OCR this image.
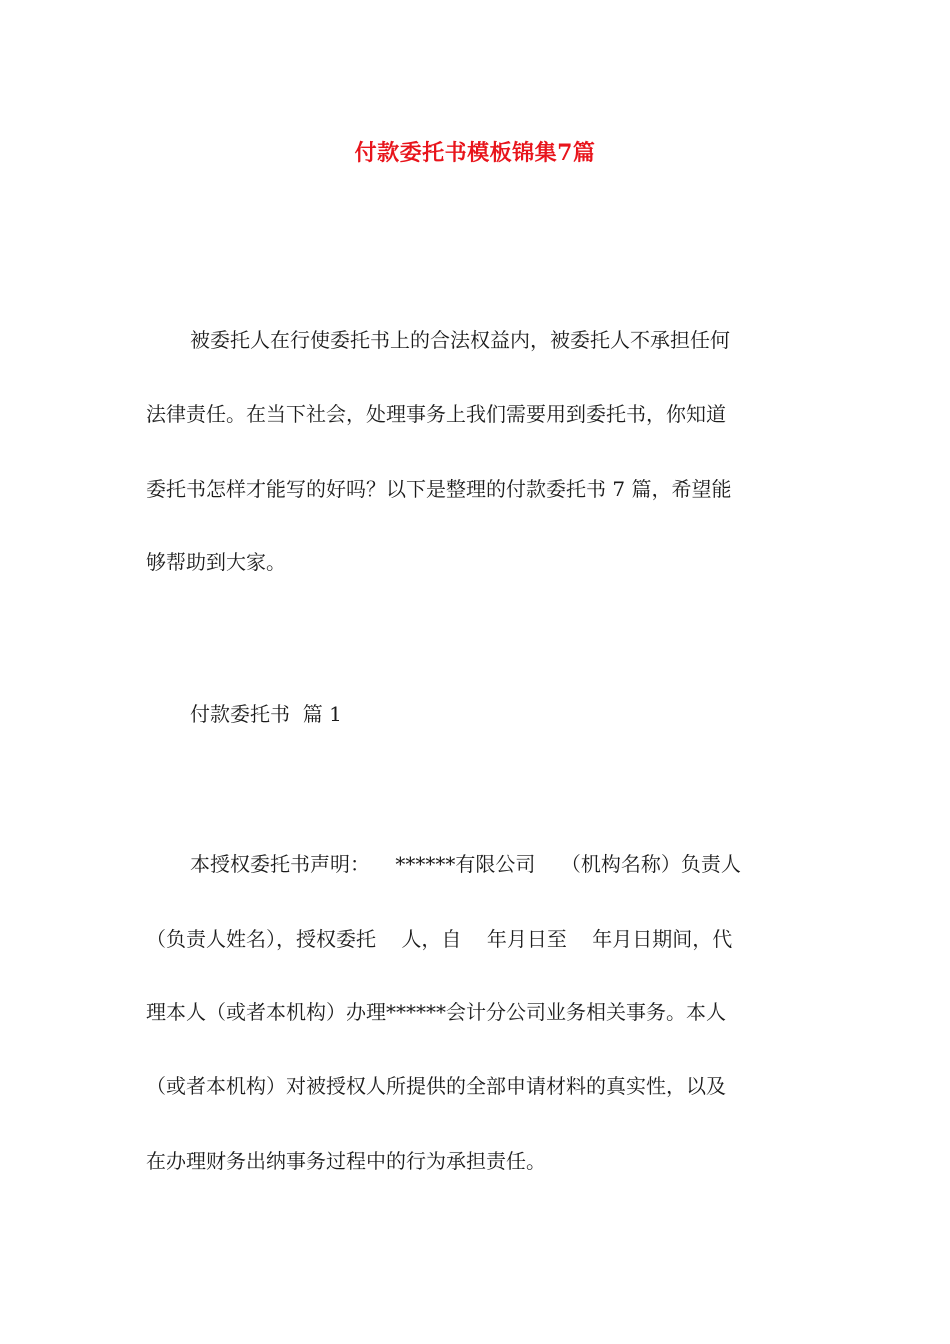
付款委托书模板锦集7篇
被委托人在行使委托书上的合法权益内，被委托人不承担任何
法律责任。在当下社会，处理事务上我们需要用到委托书，你知道
委托书怎样才能写的好吗？以下是整理的付款委托书 7 篇，希望能
够帮助到大家。
付款委托书  篇 1
本授权委托书声明：    ******有限公司    （机构名称）负责人
（负责人姓名），授权委托    人，自    年月日至    年月日期间，代
理本人（或者本机构）办理******会计分公司业务相关事务。本人
（或者本机构）对被授权人所提供的全部申请材料的真实性，以及
在办理财务出纳事务过程中的行为承担责任。
